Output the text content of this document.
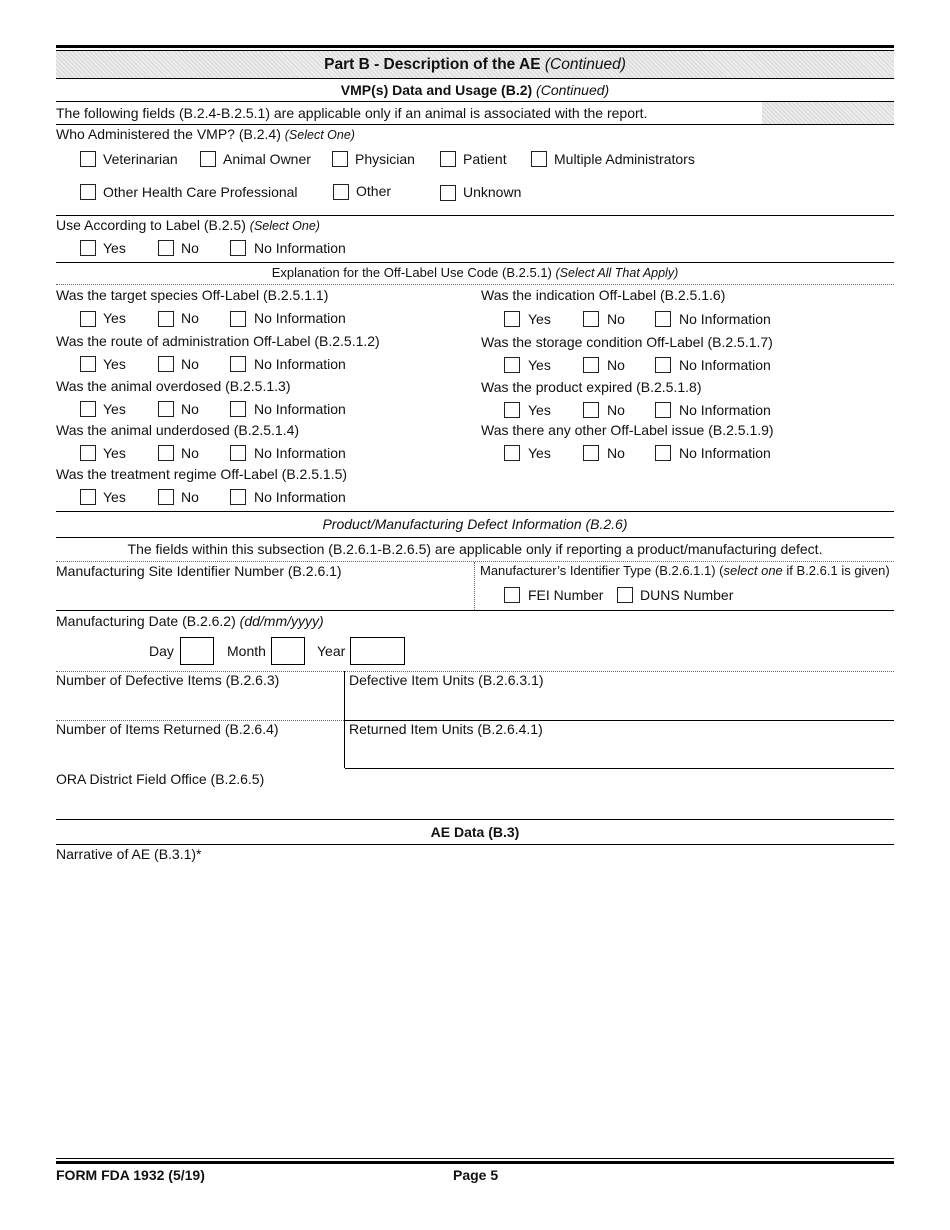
Part B - Description of the AE (Continued)
VMP(s) Data and Usage (B.2) (Continued)
The following fields (B.2.4-B.2.5.1) are applicable only if an animal is associated with the report.
Who Administered the VMP? (B.2.4) (Select One)
Veterinarian	Animal Owner	Physician	Patient	Multiple Administrators
Other Health Care Professional	Other	Unknown
Use According to Label (B.2.5) (Select One)
Yes	No	No Information
Explanation for the Off-Label Use Code (B.2.5.1) (Select All That Apply)
Was the target species Off-Label (B.2.5.1.1)
Yes	No	No Information
Was the route of administration Off-Label (B.2.5.1.2)
Yes	No	No Information
Was the animal overdosed (B.2.5.1.3)
Yes	No	No Information
Was the animal underdosed (B.2.5.1.4)
Yes	No	No Information
Was the treatment regime Off-Label (B.2.5.1.5)
Yes	No	No Information
Was the indication Off-Label (B.2.5.1.6)
Yes	No	No Information
Was the storage condition Off-Label (B.2.5.1.7)
Yes	No	No Information
Was the product expired (B.2.5.1.8)
Yes	No	No Information
Was there any other Off-Label issue (B.2.5.1.9)
Yes	No	No Information
Product/Manufacturing Defect Information (B.2.6)
The fields within this subsection (B.2.6.1-B.2.6.5) are applicable only if reporting a product/manufacturing defect.
Manufacturing Site Identifier Number (B.2.6.1)	Manufacturer’s Identifier Type (B.2.6.1.1) (select one if B.2.6.1 is given)
FEI Number	DUNS Number
Manufacturing Date (B.2.6.2) (dd/mm/yyyy)
Day	Month	Year
Number of Defective Items (B.2.6.3)	Defective Item Units (B.2.6.3.1)
Number of Items Returned (B.2.6.4)	Returned Item Units (B.2.6.4.1)
ORA District Field Office (B.2.6.5)
AE Data (B.3)
Narrative of AE (B.3.1)*
FORM FDA 1932 (5/19)	Page 5
